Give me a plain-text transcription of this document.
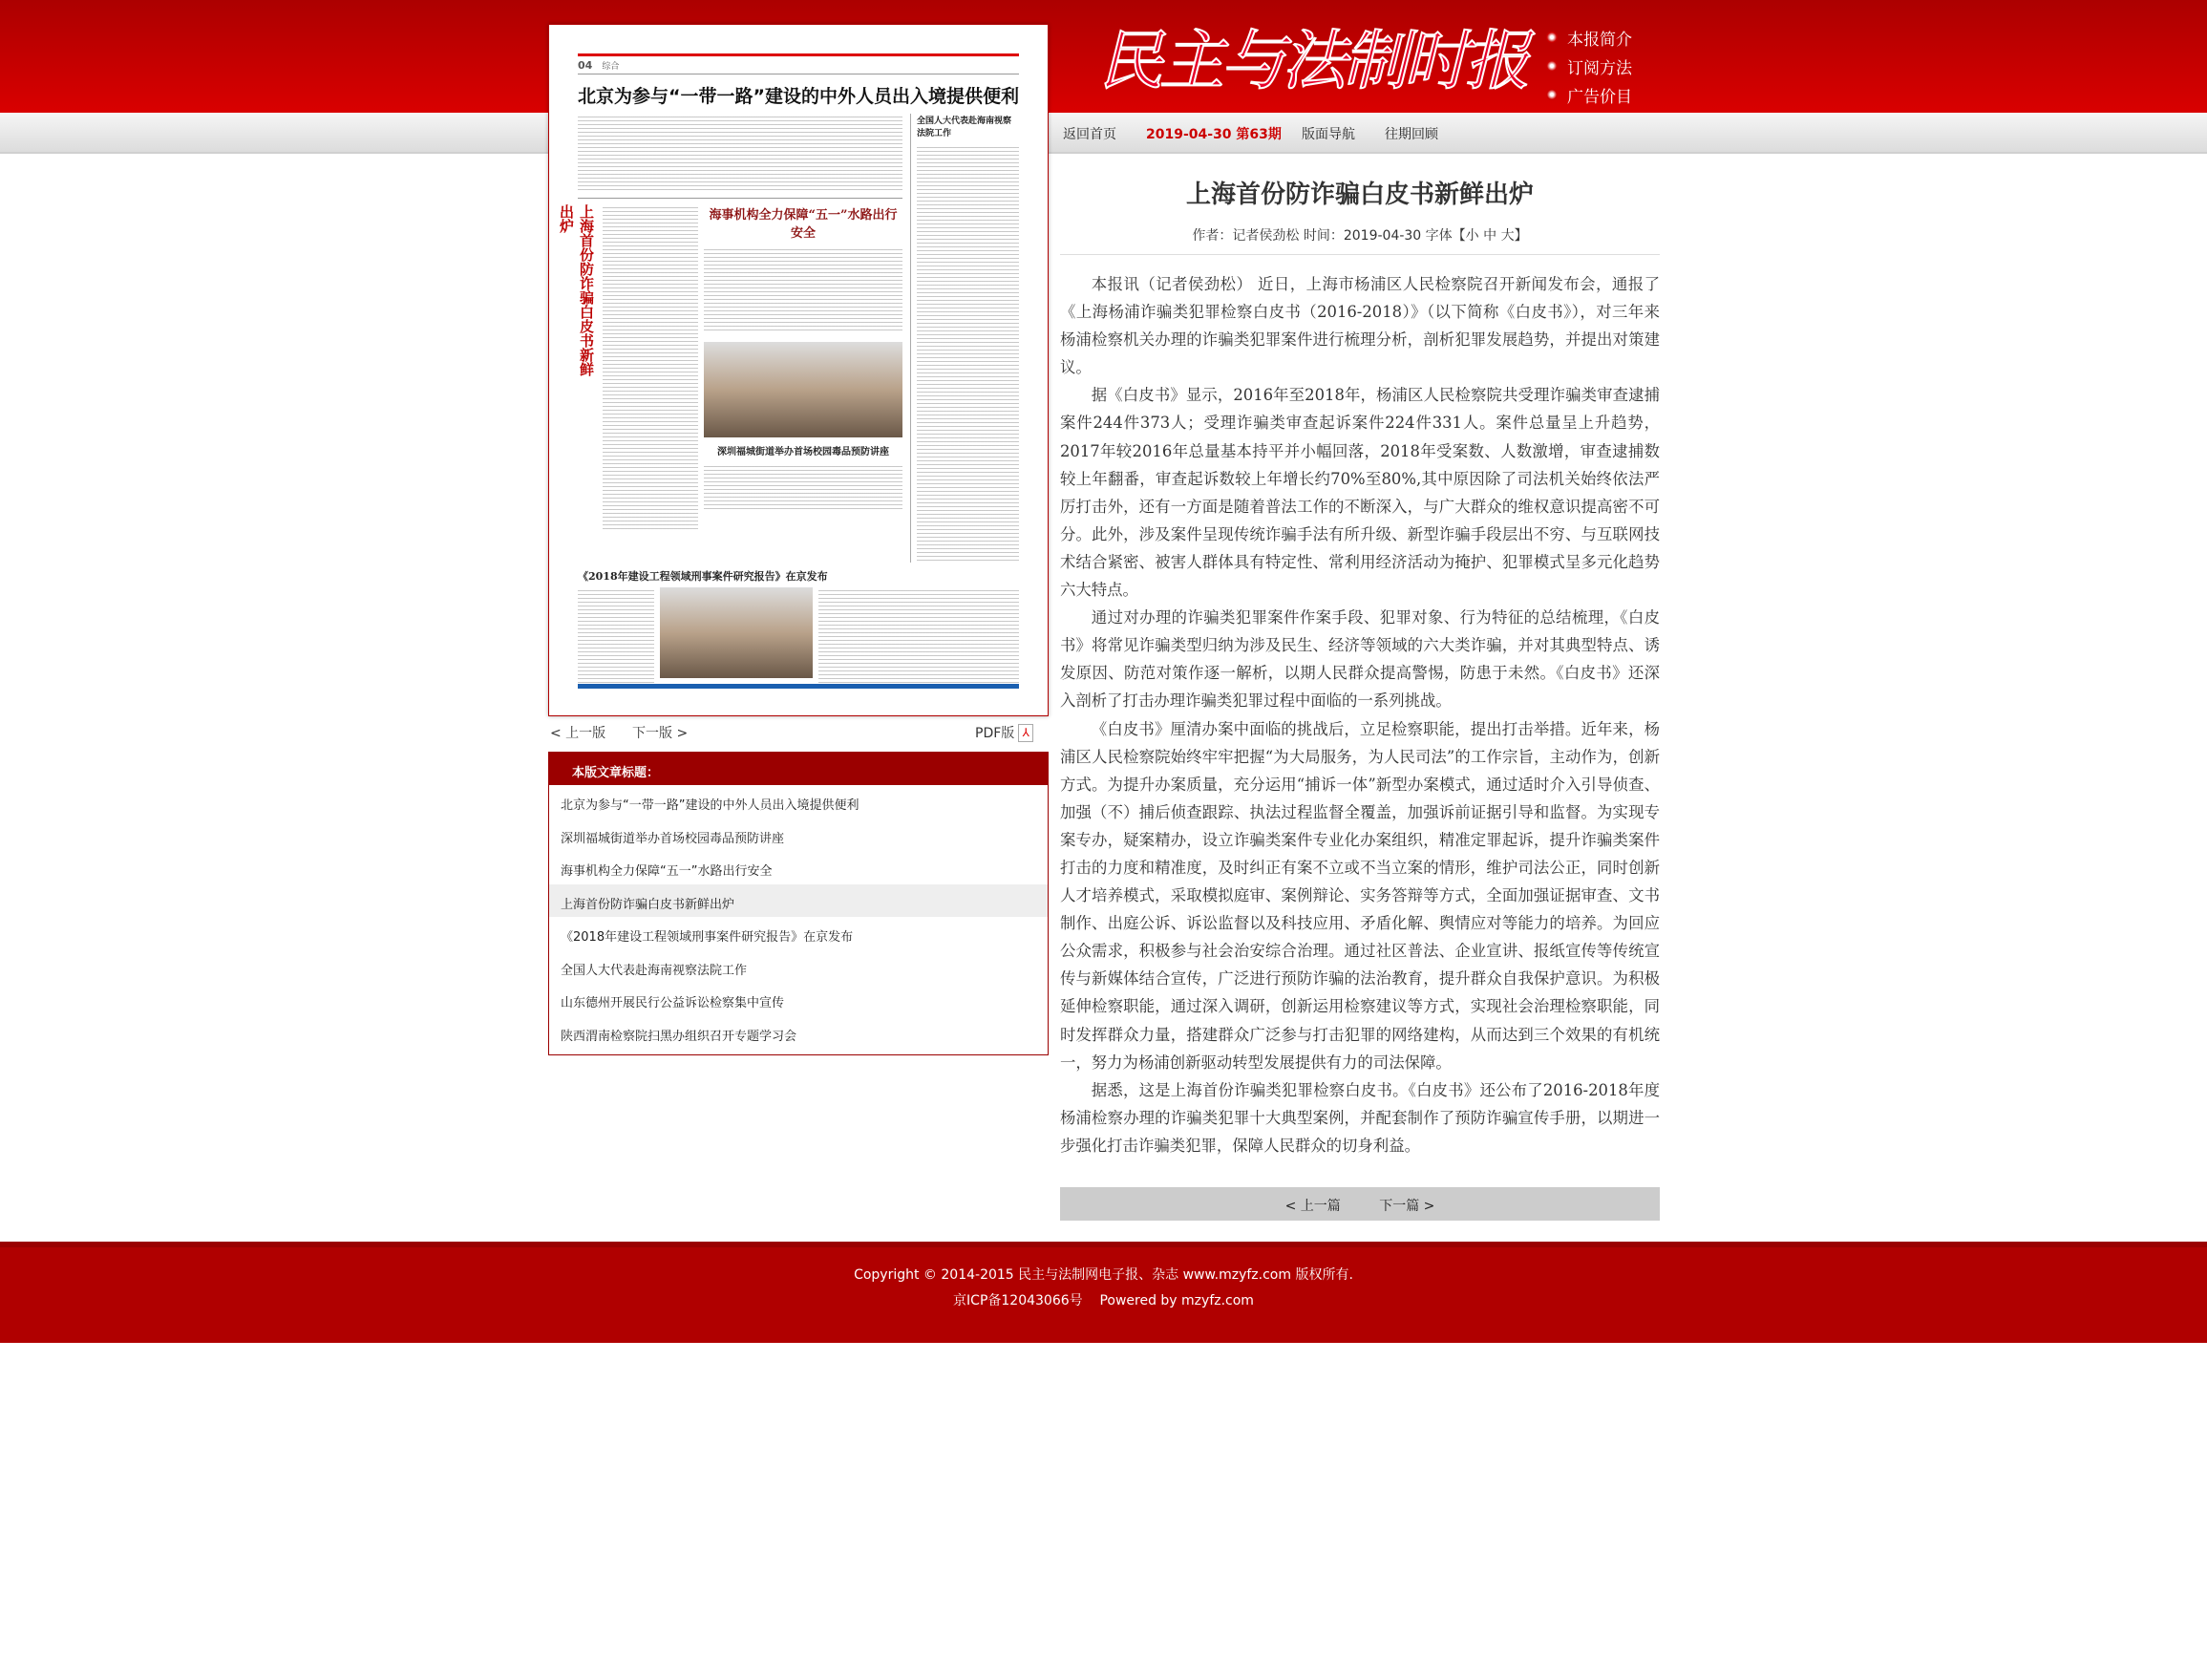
04 综合
北京为参与“一带一路”建设的中外人员出入境提供便利
上海首份防诈骗白皮书新鲜出炉	海事机构全力保障“五一”水路出行安全
深圳福城街道举办首场校园毒品预防讲座
全国人大代表赴海南视察法院工作
《2018年建设工程领域刑事案件研究报告》在京发布
< 上一版 下一版 >	PDF版 ⅄
本版文章标题：
北京为参与“一带一路”建设的中外人员出入境提供便利
深圳福城街道举办首场校园毒品预防讲座
海事机构全力保障“五一”水路出行安全
上海首份防诈骗白皮书新鲜出炉
《2018年建设工程领域刑事案件研究报告》在京发布
全国人大代表赴海南视察法院工作
山东德州开展民行公益诉讼检察集中宣传
陕西渭南检察院扫黑办组织召开专题学习会
民主与法制时报	本报简介
订阅方法
广告价目
返回首页 2019-04-30 第63期 版面导航 往期回顾
上海首份防诈骗白皮书新鲜出炉
作者：记者侯劲松 时间：2019-04-30 字体【小 中 大】

本报讯（记者侯劲松） 近日，上海市杨浦区人民检察院召开新闻发布会，通报了《上海杨浦诈骗类犯罪检察白皮书（2016-2018）》（以下简称《白皮书》），对三年来杨浦检察机关办理的诈骗类犯罪案件进行梳理分析，剖析犯罪发展趋势，并提出对策建议。

据《白皮书》显示，2016年至2018年，杨浦区人民检察院共受理诈骗类审查逮捕案件244件373人；受理诈骗类审查起诉案件224件331人。案件总量呈上升趋势，2017年较2016年总量基本持平并小幅回落，2018年受案数、人数激增，审查逮捕数较上年翻番，审查起诉数较上年增长约70%至80%,其中原因除了司法机关始终依法严厉打击外，还有一方面是随着普法工作的不断深入，与广大群众的维权意识提高密不可分。此外，涉及案件呈现传统诈骗手法有所升级、新型诈骗手段层出不穷、与互联网技术结合紧密、被害人群体具有特定性、常利用经济活动为掩护、犯罪模式呈多元化趋势六大特点。

通过对办理的诈骗类犯罪案件作案手段、犯罪对象、行为特征的总结梳理，《白皮书》将常见诈骗类型归纳为涉及民生、经济等领域的六大类诈骗，并对其典型特点、诱发原因、防范对策作逐一解析，以期人民群众提高警惕，防患于未然。《白皮书》还深入剖析了打击办理诈骗类犯罪过程中面临的一系列挑战。

《白皮书》厘清办案中面临的挑战后，立足检察职能，提出打击举措。近年来，杨浦区人民检察院始终牢牢把握“为大局服务，为人民司法”的工作宗旨，主动作为，创新方式。为提升办案质量，充分运用“捕诉一体”新型办案模式，通过适时介入引导侦查、加强（不）捕后侦查跟踪、执法过程监督全覆盖，加强诉前证据引导和监督。为实现专案专办，疑案精办，设立诈骗类案件专业化办案组织，精准定罪起诉，提升诈骗类案件打击的力度和精准度，及时纠正有案不立或不当立案的情形，维护司法公正，同时创新人才培养模式，采取模拟庭审、案例辩论、实务答辩等方式，全面加强证据审查、文书制作、出庭公诉、诉讼监督以及科技应用、矛盾化解、舆情应对等能力的培养。为回应公众需求，积极参与社会治安综合治理。通过社区普法、企业宣讲、报纸宣传等传统宣传与新媒体结合宣传，广泛进行预防诈骗的法治教育，提升群众自我保护意识。为积极延伸检察职能，通过深入调研，创新运用检察建议等方式，实现社会治理检察职能，同时发挥群众力量，搭建群众广泛参与打击犯罪的网络建构，从而达到三个效果的有机统一，努力为杨浦创新驱动转型发展提供有力的司法保障。

据悉，这是上海首份诈骗类犯罪检察白皮书。《白皮书》还公布了2016-2018年度杨浦检察办理的诈骗类犯罪十大典型案例，并配套制作了预防诈骗宣传手册，以期进一步强化打击诈骗类犯罪，保障人民群众的切身利益。

< 上一篇	下一篇 >
Copyright © 2014-2015 民主与法制网电子报、杂志 www.mzyfz.com 版权所有.
京ICP备12043066号    Powered by mzyfz.com
